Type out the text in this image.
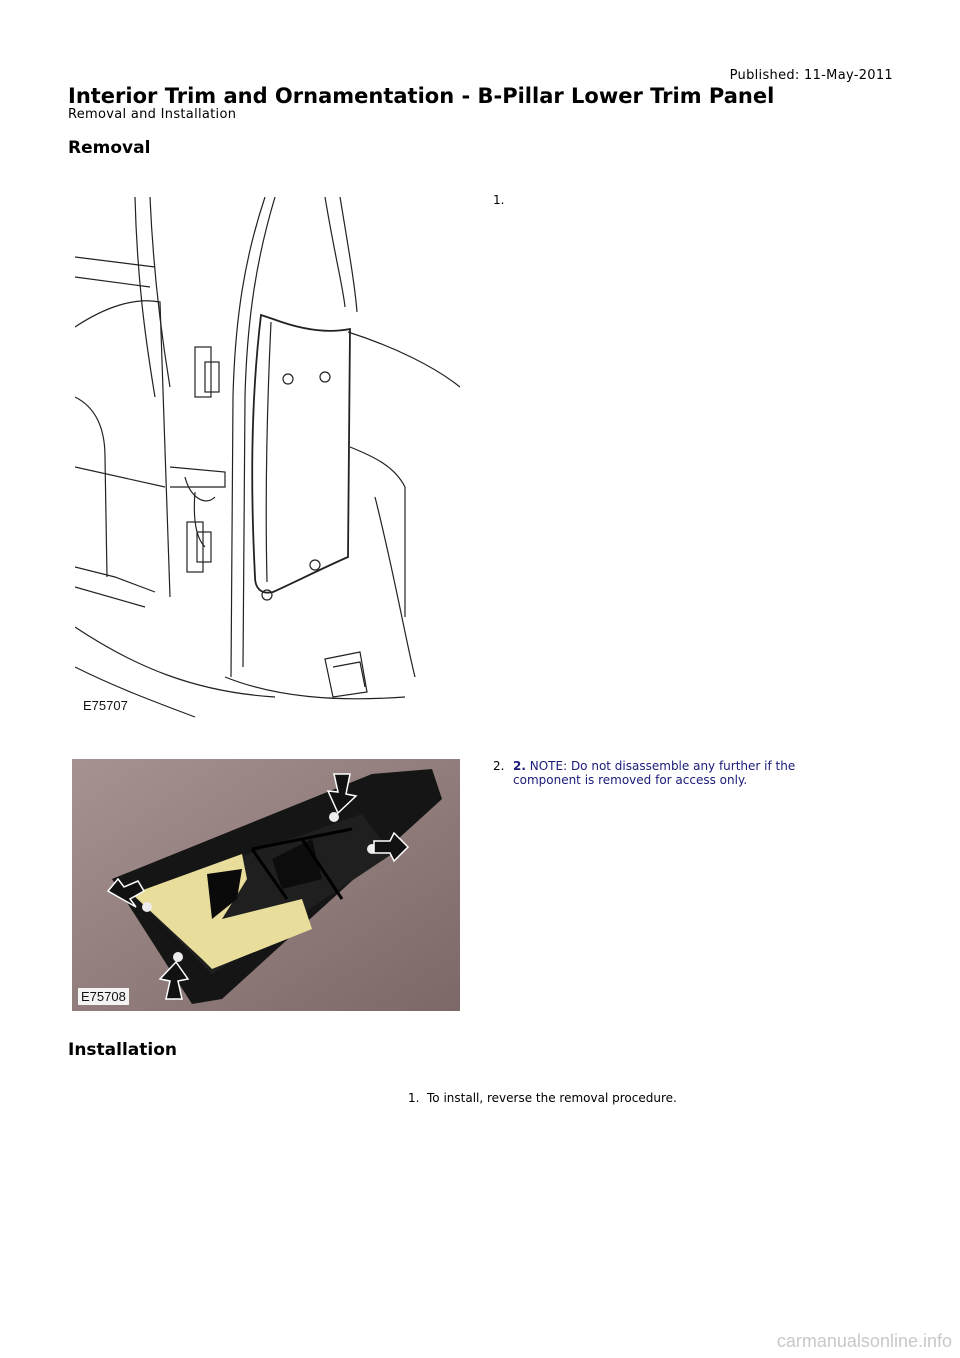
Published: 11-May-2011
Interior Trim and Ornamentation - B-Pillar Lower Trim Panel
Removal and Installation
Removal
E75707
1.
E75708
2. 2. NOTE: Do not disassemble any further if the component is removed for access only.
Installation
1. To install, reverse the removal procedure.
carmanualsonline.info
